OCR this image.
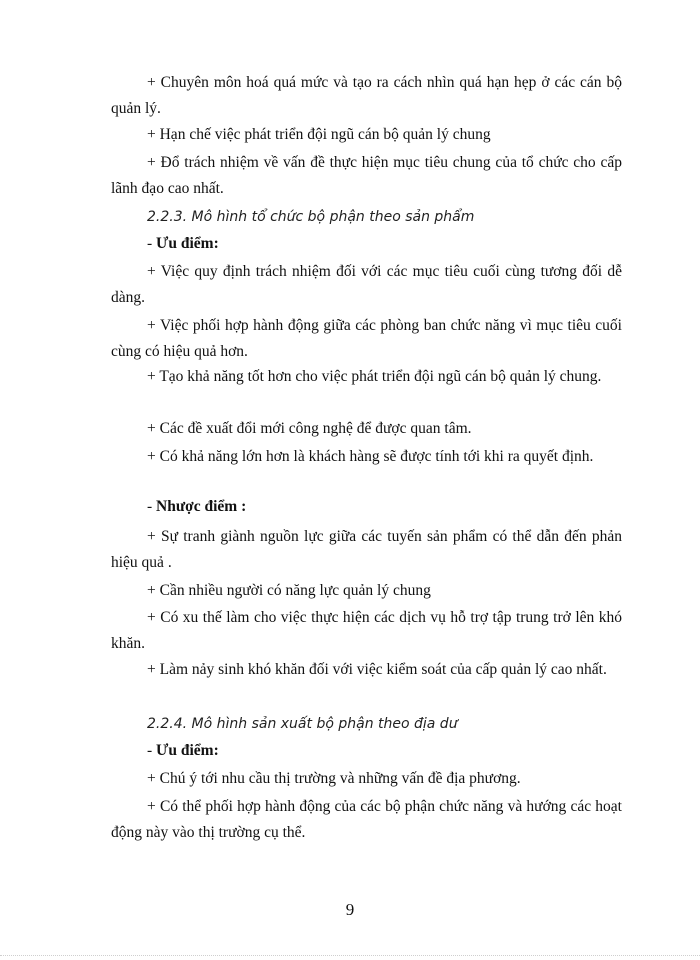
+ Chuyên môn hoá quá mức và tạo ra cách nhìn quá hạn hẹp ở các cán bộ quản lý.

+ Hạn chế việc phát triển đội ngũ cán bộ quản lý chung

+ Đổ trách nhiệm về vấn đề thực hiện mục tiêu chung của tổ chức cho cấp lãnh đạo cao nhất.

2.2.3. Mô hình tổ chức bộ phận theo sản phẩm

- Ưu điểm:

+ Việc quy định trách nhiệm đối với các mục tiêu cuối cùng tương đối dễ dàng.

+ Việc phối hợp hành động giữa các phòng ban chức năng vì mục tiêu cuối cùng có hiệu quả hơn.

+ Tạo khả năng tốt hơn cho việc phát triển đội ngũ cán bộ quản lý chung.

+ Các đề xuất đổi mới công nghệ để được quan tâm.

+ Có khả năng lớn hơn là khách hàng sẽ được tính tới khi ra quyết định.

- Nhược điểm :

+ Sự tranh giành nguồn lực giữa các tuyến sản phẩm có thể dẫn đến phản hiệu quả .

+ Cần nhiều người có năng lực quản lý chung

+ Có xu thế làm cho việc thực hiện các dịch vụ hỗ trợ tập trung trở lên khó khăn.

+ Làm nảy sinh khó khăn đối với việc kiểm soát của cấp quản lý cao nhất.

2.2.4. Mô hình sản xuất bộ phận theo địa dư

- Ưu điểm:

+ Chú ý tới nhu cầu thị trường và những vấn đề địa phương.

+ Có thể phối hợp hành động của các bộ phận chức năng và hướng các hoạt động này vào thị trường cụ thể.

9
